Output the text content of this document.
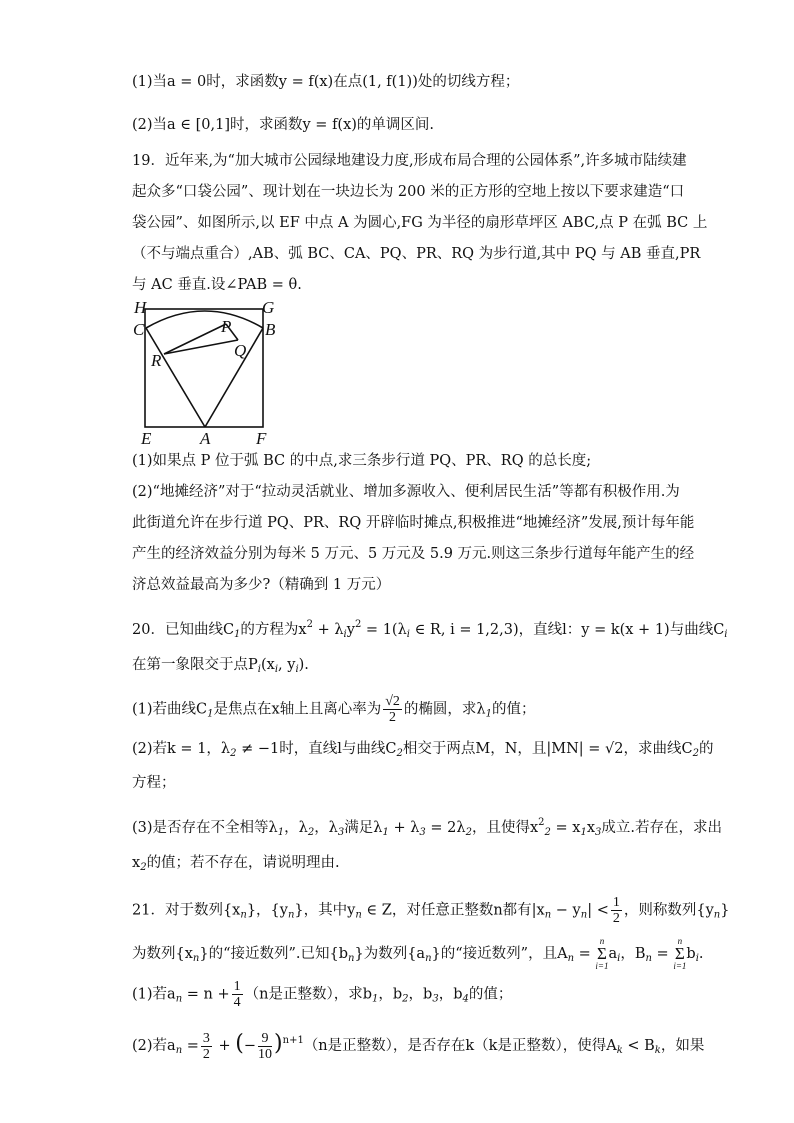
(1)当a = 0时，求函数y = f(x)在点(1, f(1))处的切线方程；
(2)当a ∈ [0,1]时，求函数y = f(x)的单调区间.
19．近年来,为“加大城市公园绿地建设力度,形成布局合理的公园体系”,许多城市陆续建
起众多“口袋公园”、现计划在一块边长为 200 米的正方形的空地上按以下要求建造“口
袋公园”、如图所示,以 EF 中点 A 为圆心,FG 为半径的扇形草坪区 ABC,点 P 在弧 BC 上
（不与端点重合）,AB、弧 BC、CA、PQ、PR、RQ 为步行道,其中 PQ 与 AB 垂直,PR
与 AC 垂直.设∠PAB = θ.
H	G
C	B
P
Q
R
E	A	F
(1)如果点 P 位于弧 BC 的中点,求三条步行道 PQ、PR、RQ 的总长度;
(2)“地摊经济”对于“拉动灵活就业、增加多源收入、便利居民生活”等都有积极作用.为
此街道允许在步行道 PQ、PR、RQ 开辟临时摊点,积极推进“地摊经济”发展,预计每年能
产生的经济效益分别为每米 5 万元、5 万元及 5.9 万元.则这三条步行道每年能产生的经
济总效益最高为多少?（精确到 1 万元）
20．已知曲线$C_1$的方程为$x^2 + \lambda_iy^2 = 1(\lambda_i$ ∈ R, i = 1,2,3)，直线l：y = k(x + 1)与曲线$C_i$
在第一象限交于点$P_i(x_i$, $y_i$).
(1)若曲线$C_1$是焦点在x轴上且离心率为 $\frac{√2}{2}$ 的椭圆，求$\lambda_1$的值；
(2)若k = 1，$\lambda_2 \ne -1$时，直线l与曲线$C_2$相交于两点M，N，且|MN| = √2，求曲线$C_2$的
方程；
(3)是否存在不全相等$\lambda_1$，$\lambda_2$，$\lambda_3$满足$\lambda_1 + \lambda_3 = 2\lambda_2$，且使得$x^2_2 = x_1x_3$成立.若存在，求出
$x_2$的值；若不存在，请说明理由.
21．对于数列$\{x_n\}$，$\{y_n\}$，其中$y_n$ ∈ Z，对任意正整数n都有$|x_n - y_n| < \frac{1}{2}$ ，则称数列$\{y_n\}$
为数列$\{x_n\}$的“接近数列”.已知$\{b_n\}$为数列$\{a_n\}$的“接近数列”，且$A_n$ =
n
Σ
i=1
$a_i$，$B_n$ =
n
Σ
i=1
$b_i$.
(1)若$a_n = n + \frac{1}{4} (n$是正整数），求$b_1$，$b_2$，$b_3$，$b_4$的值；
(2)若$a_n = \frac{3}{2}$ + (− $\frac{9}{10} )^{n+1}(n$是正整数），是否存在k（k是正整数），使得$A_k < B_k$，如果
